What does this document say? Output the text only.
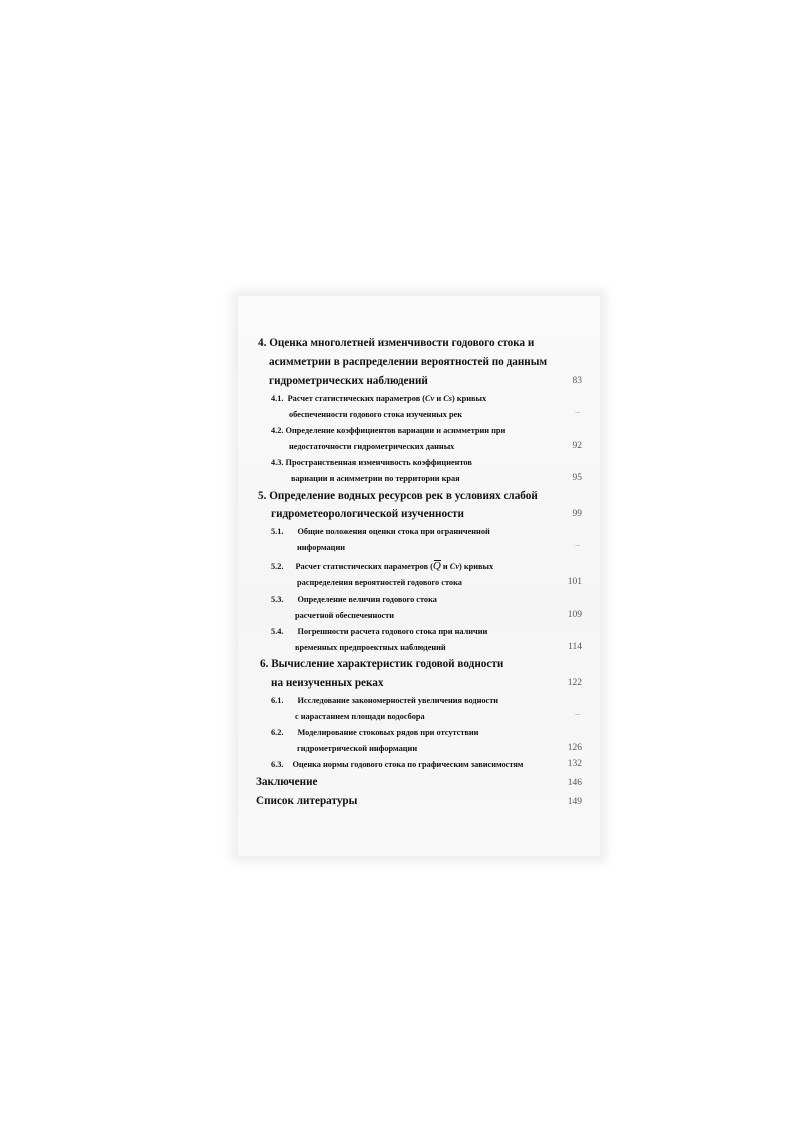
4. Оценка многолетней изменчивости годового стока и
асимметрии в распределении вероятностей по данным
гидрометрических наблюдений	83
4.1. Расчет статистических параметров (Cv и Cs) кривых
обеспеченности годового стока изученных рек	–
4.2. Определение коэффициентов вариации и асимметрии при
недостаточности гидрометрических данных	92
4.3. Пространственная изменчивость коэффициентов
вариации и асимметрии по территории края	95
5. Определение водных ресурсов рек в условиях слабой
гидрометеорологической изученности	99
5.1. Общие положения оценки стока при ограниченной
информации	–
5.2. Расчет статистических параметров (Q и Cv) кривых
распределения вероятностей годового стока	101
5.3. Определение величин годового стока
расчетной обеспеченности	109
5.4. Погрешности расчета годового стока при наличии
временных предпроектных наблюдений	114
6. Вычисление характеристик годовой водности
на неизученных реках	122
6.1. Исследование закономерностей увеличения водности
с нарастанием площади водосбора	–
6.2. Моделирование стоковых рядов при отсутствии
гидрометрической информации	126
6.3. Оценка нормы годового стока по графическим зависимостям	132
Заключение	146
Список литературы	149
